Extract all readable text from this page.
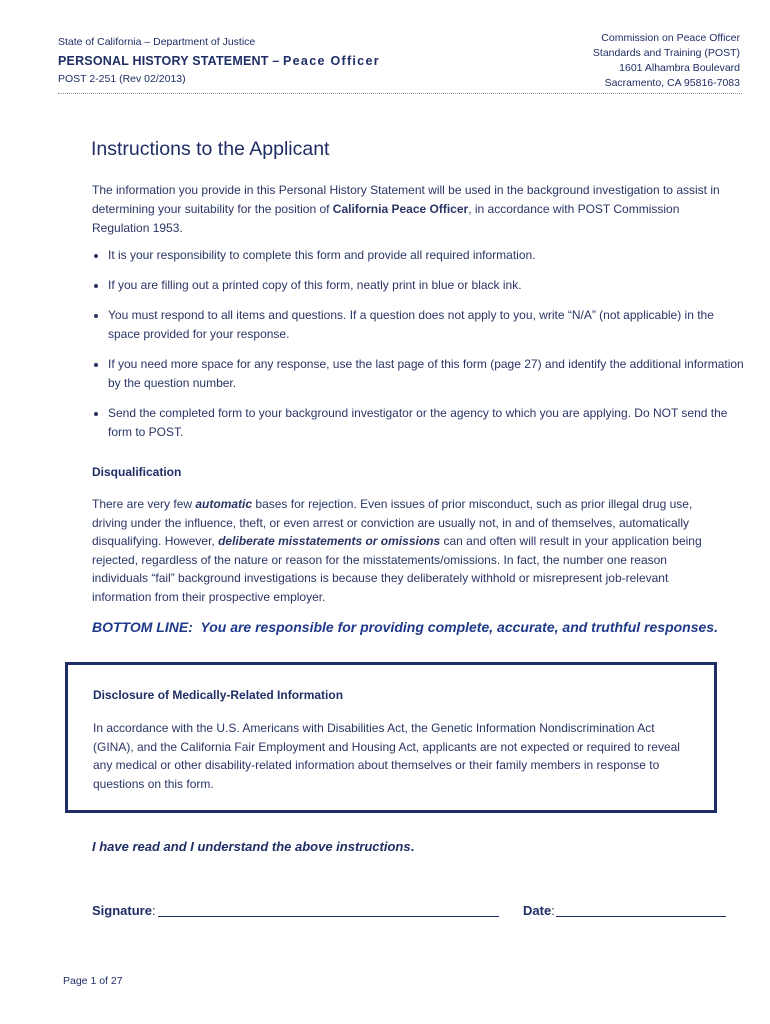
State of California – Department of Justice
PERSONAL HISTORY STATEMENT – Peace Officer
POST 2-251 (Rev 02/2013)
Commission on Peace Officer
Standards and Training (POST)
1601 Alhambra Boulevard
Sacramento, CA 95816-7083
Instructions to the Applicant
The information you provide in this Personal History Statement will be used in the background investigation to assist in determining your suitability for the position of California Peace Officer, in accordance with POST Commission Regulation 1953.
• It is your responsibility to complete this form and provide all required information.
• If you are filling out a printed copy of this form, neatly print in blue or black ink.
• You must respond to all items and questions. If a question does not apply to you, write “N/A” (not applicable) in the space provided for your response.
• If you need more space for any response, use the last page of this form (page 27) and identify the additional information by the question number.
• Send the completed form to your background investigator or the agency to which you are applying. Do NOT send the form to POST.
Disqualification
There are very few automatic bases for rejection. Even issues of prior misconduct, such as prior illegal drug use, driving under the influence, theft, or even arrest or conviction are usually not, in and of themselves, automatically disqualifying. However, deliberate misstatements or omissions can and often will result in your application being rejected, regardless of the nature or reason for the misstatements/omissions. In fact, the number one reason individuals “fail” background investigations is because they deliberately withhold or misrepresent job-relevant information from their prospective employer.
BOTTOM LINE:  You are responsible for providing complete, accurate, and truthful responses.
Disclosure of Medically-Related Information
In accordance with the U.S. Americans with Disabilities Act, the Genetic Information Nondiscrimination Act (GINA), and the California Fair Employment and Housing Act, applicants are not expected or required to reveal any medical or other disability-related information about themselves or their family members in response to questions on this form.
I have read and I understand the above instructions.
Signature:	Date:
Page 1 of 27
